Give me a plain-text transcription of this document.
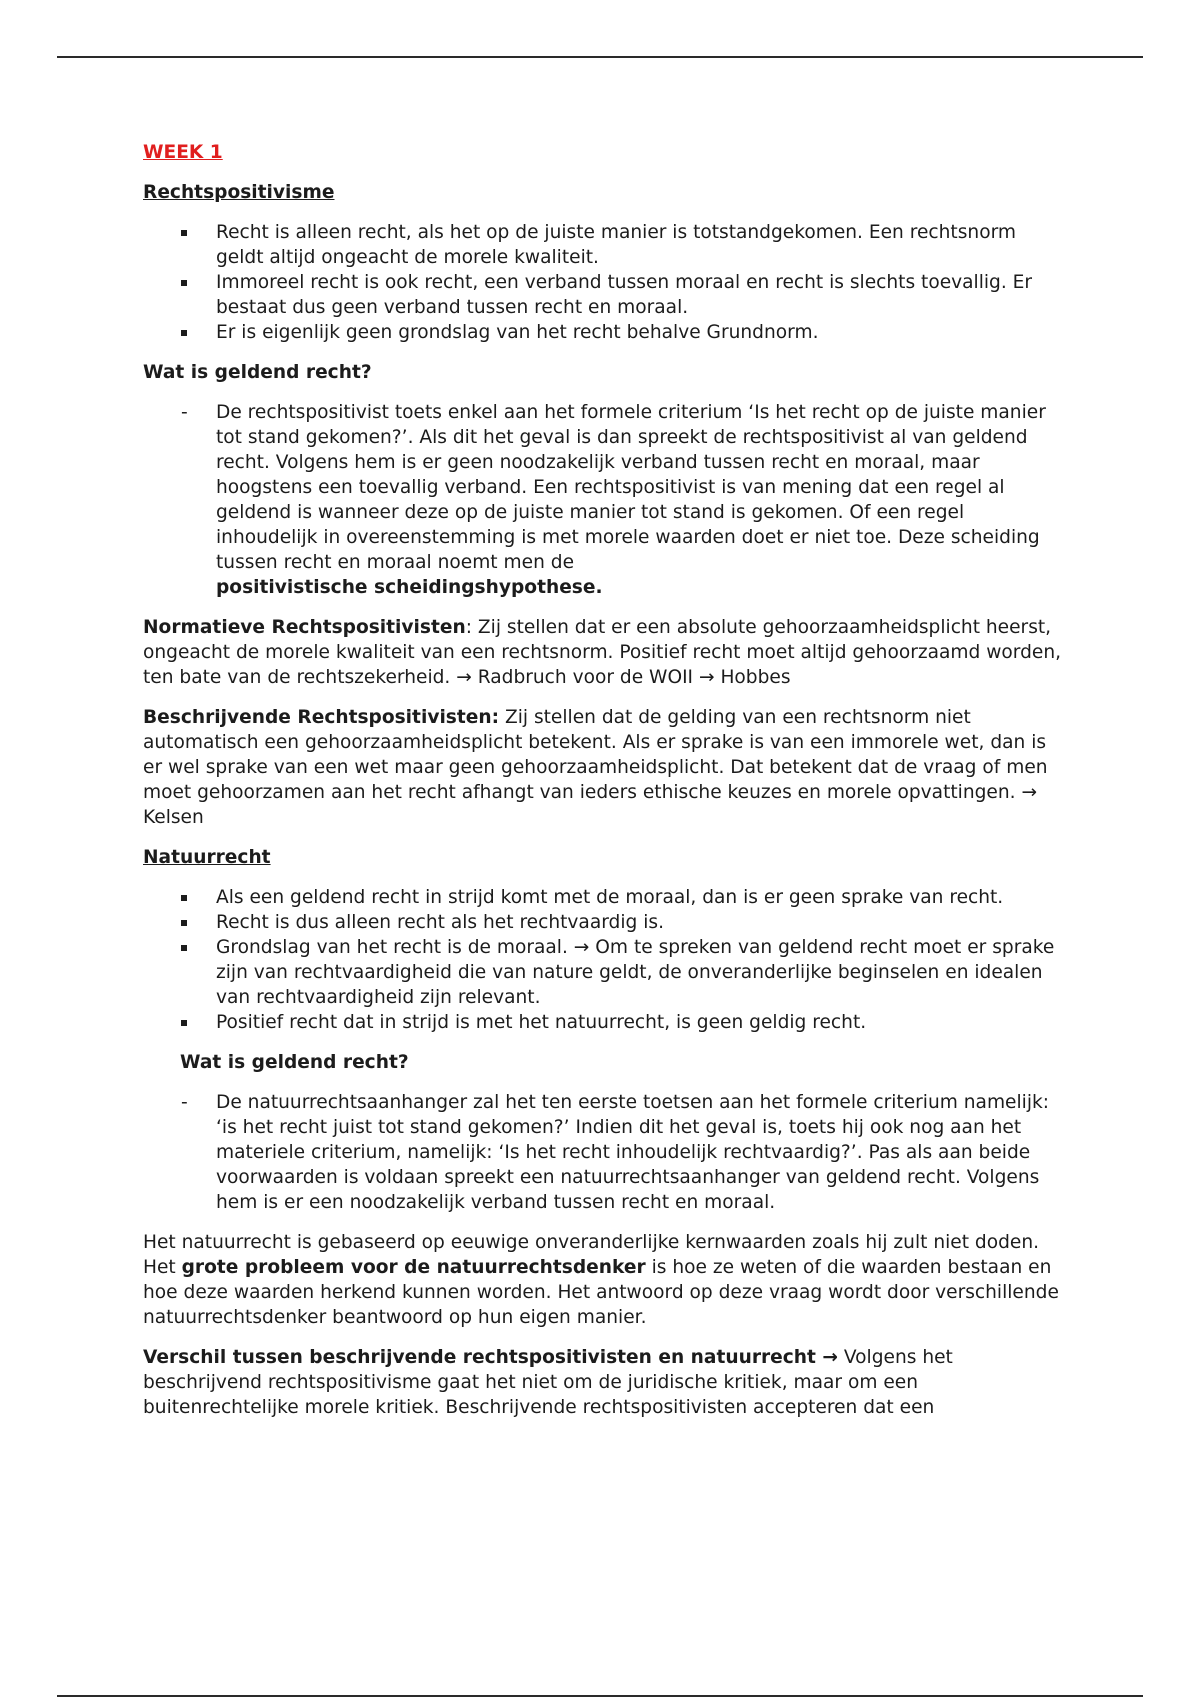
WEEK 1
Rechtspositivisme
Recht is alleen recht, als het op de juiste manier is totstandgekomen. Een rechtsnorm geldt altijd ongeacht de morele kwaliteit.
Immoreel recht is ook recht, een verband tussen moraal en recht is slechts toevallig. Er bestaat dus geen verband tussen recht en moraal.
Er is eigenlijk geen grondslag van het recht behalve Grundnorm.
Wat is geldend recht?
De rechtspositivist toets enkel aan het formele criterium ‘Is het recht op de juiste manier tot stand gekomen?’. Als dit het geval is dan spreekt de rechtspositivist al van geldend recht. Volgens hem is er geen noodzakelijk verband tussen recht en moraal, maar hoogstens een toevallig verband. Een rechtspositivist is van mening dat een regel al geldend is wanneer deze op de juiste manier tot stand is gekomen. Of een regel inhoudelijk in overeenstemming is met morele waarden doet er niet toe. Deze scheiding tussen recht en moraal noemt men de
positivistische scheidingshypothese.

Normatieve Rechtspositivisten: Zij stellen dat er een absolute gehoorzaamheidsplicht heerst, ongeacht de morele kwaliteit van een rechtsnorm. Positief recht moet altijd gehoorzaamd worden, ten bate van de rechtszekerheid. → Radbruch voor de WOII → Hobbes

Beschrijvende Rechtspositivisten: Zij stellen dat de gelding van een rechtsnorm niet automatisch een gehoorzaamheidsplicht betekent. Als er sprake is van een immorele wet, dan is er wel sprake van een wet maar geen gehoorzaamheidsplicht. Dat betekent dat de vraag of men moet gehoorzamen aan het recht afhangt van ieders ethische keuzes en morele opvattingen. → Kelsen

Natuurrecht
Als een geldend recht in strijd komt met de moraal, dan is er geen sprake van recht.
Recht is dus alleen recht als het rechtvaardig is.
Grondslag van het recht is de moraal. → Om te spreken van geldend recht moet er sprake zijn van rechtvaardigheid die van nature geldt, de onveranderlijke beginselen en idealen van rechtvaardigheid zijn relevant.
Positief recht dat in strijd is met het natuurrecht, is geen geldig recht.
Wat is geldend recht?
De natuurrechtsaanhanger zal het ten eerste toetsen aan het formele criterium namelijk: ‘is het recht juist tot stand gekomen?’ Indien dit het geval is, toets hij ook nog aan het materiele criterium, namelijk: ‘Is het recht inhoudelijk rechtvaardig?’. Pas als aan beide voorwaarden is voldaan spreekt een natuurrechtsaanhanger van geldend recht. Volgens hem is er een noodzakelijk verband tussen recht en moraal.

Het natuurrecht is gebaseerd op eeuwige onveranderlijke kernwaarden zoals hij zult niet doden. Het grote probleem voor de natuurrechtsdenker is hoe ze weten of die waarden bestaan en hoe deze waarden herkend kunnen worden. Het antwoord op deze vraag wordt door verschillende natuurrechtsdenker beantwoord op hun eigen manier.

Verschil tussen beschrijvende rechtspositivisten en natuurrecht → Volgens het beschrijvend rechtspositivisme gaat het niet om de juridische kritiek, maar om een buitenrechtelijke morele kritiek. Beschrijvende rechtspositivisten accepteren dat een
